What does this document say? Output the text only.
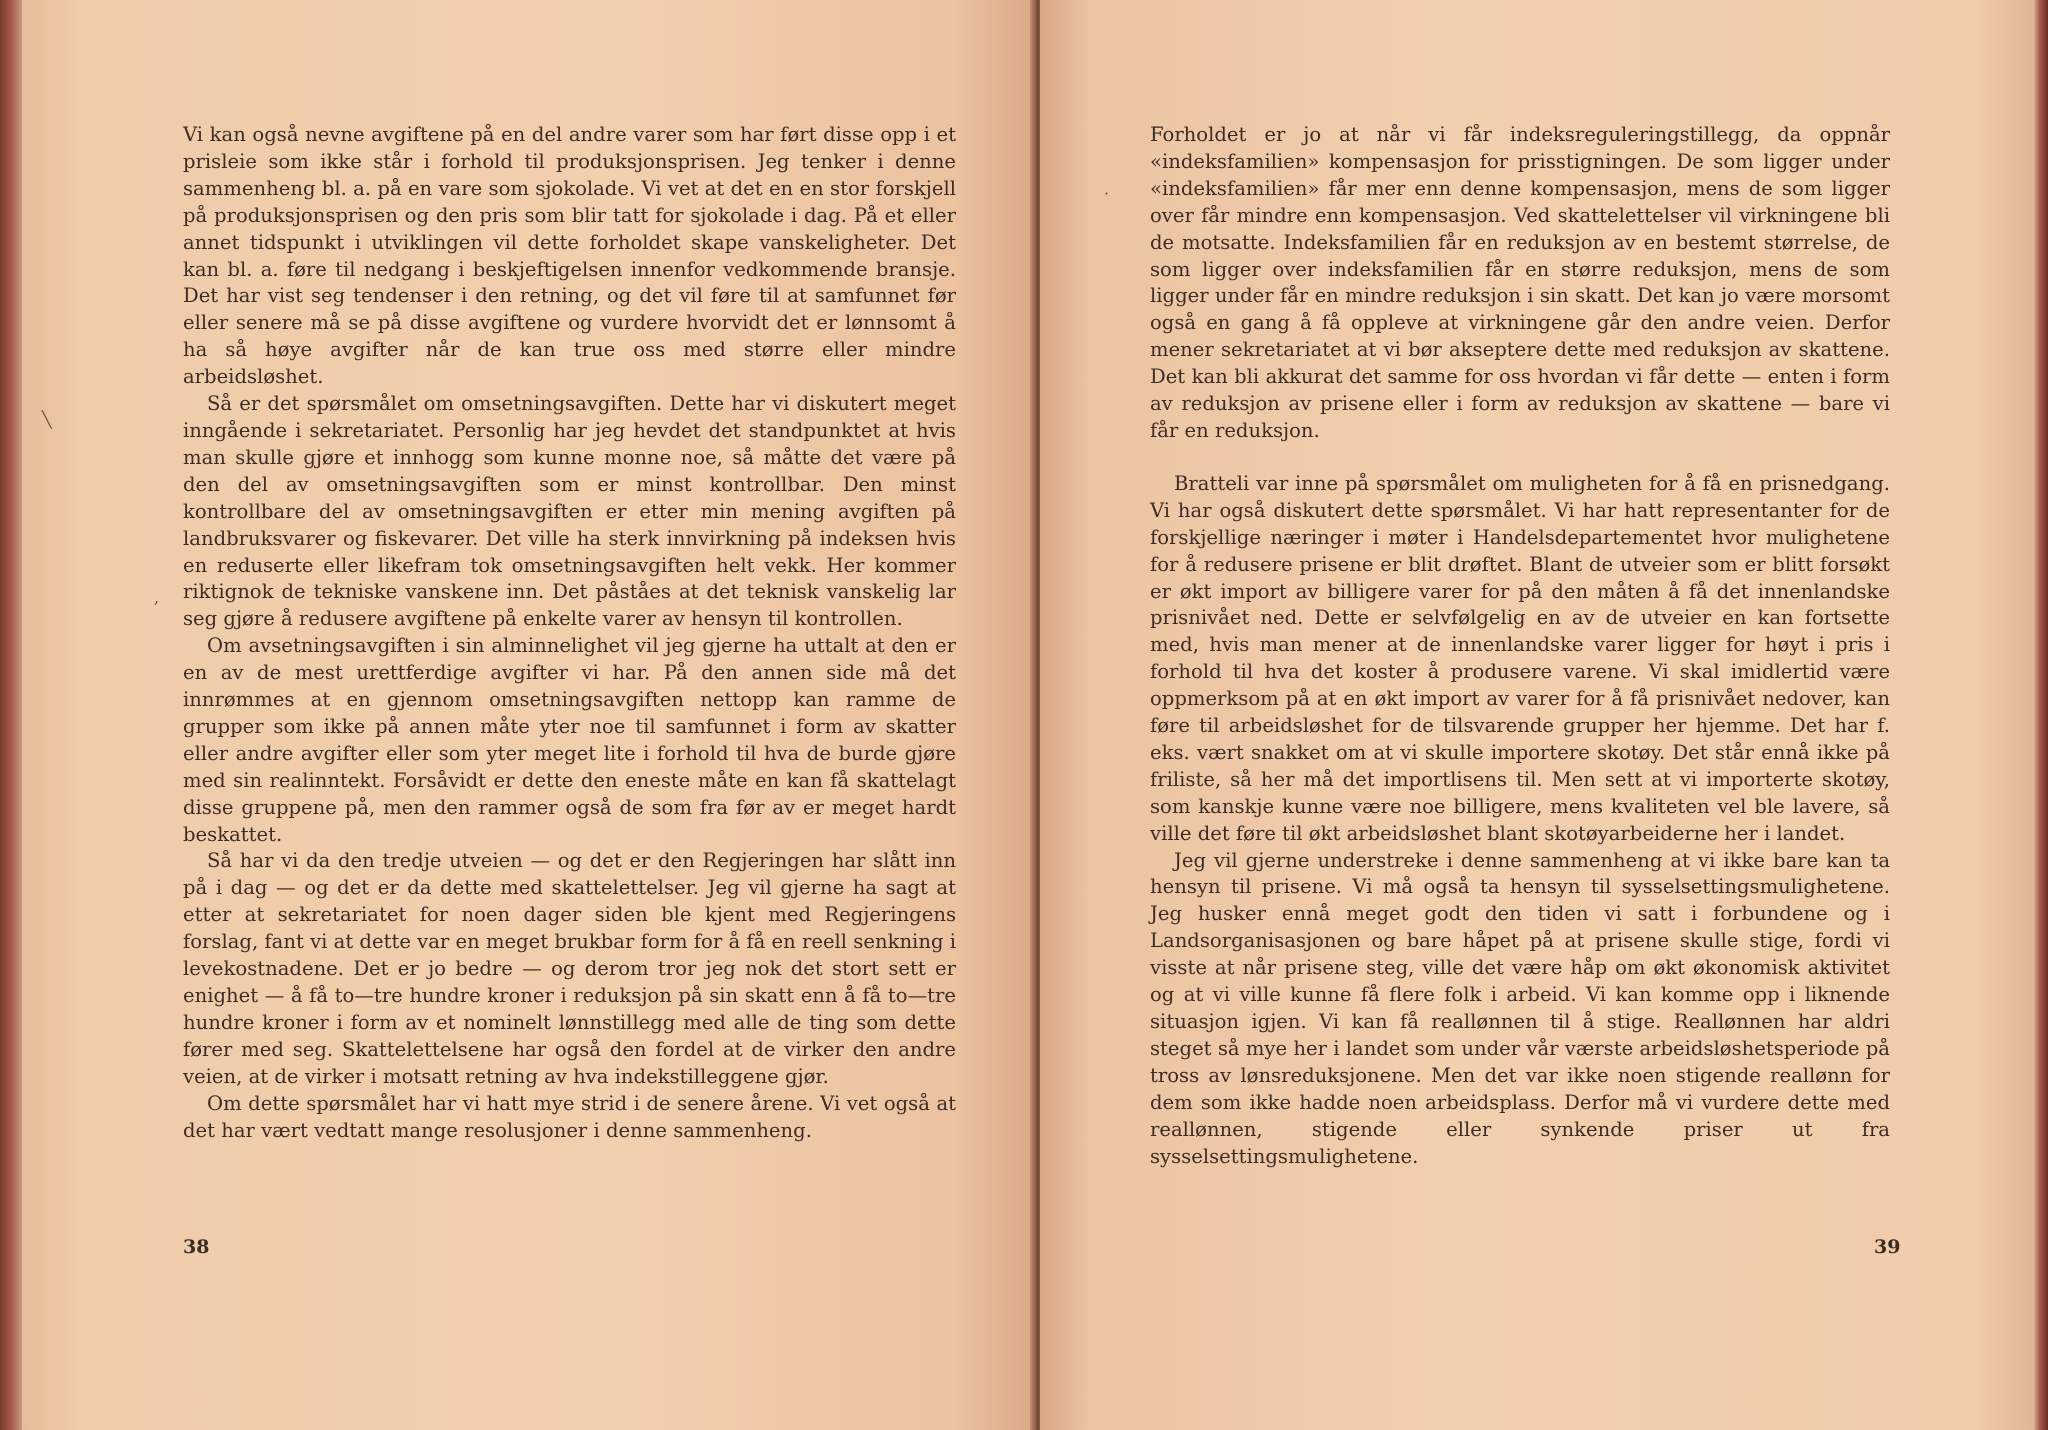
Vi kan også nevne avgiftene på en del andre varer som har ført disse opp i et prisleie som ikke står i forhold til produksjonsprisen. Jeg tenker i denne sammenheng bl. a. på en vare som sjokolade. Vi vet at det en en stor forskjell på produksjonsprisen og den pris som blir tatt for sjokolade i dag. På et eller annet tidspunkt i utviklingen vil dette forholdet skape vanskeligheter. Det kan bl. a. føre til nedgang i beskjeftigelsen innenfor vedkommende bransje. Det har vist seg tendenser i den retning, og det vil føre til at samfunnet før eller senere må se på disse avgiftene og vurdere hvorvidt det er lønnsomt å ha så høye avgifter når de kan true oss med større eller mindre arbeidsløshet.

Så er det spørsmålet om omsetningsavgiften. Dette har vi diskutert meget inngående i sekretariatet. Personlig har jeg hevdet det standpunktet at hvis man skulle gjøre et innhogg som kunne monne noe, så måtte det være på den del av omsetningsavgiften som er minst kontrollbar. Den minst kontrollbare del av omsetningsavgiften er etter min mening avgiften på landbruksvarer og fiskevarer. Det ville ha sterk innvirkning på indeksen hvis en reduserte eller likefram tok omsetningsavgiften helt vekk. Her kommer riktignok de tekniske vanskene inn. Det påståes at det teknisk vanskelig lar seg gjøre å redusere avgiftene på enkelte varer av hensyn til kontrollen.

Om avsetningsavgiften i sin alminnelighet vil jeg gjerne ha uttalt at den er en av de mest urettferdige avgifter vi har. På den annen side må det innrømmes at en gjennom omsetningsavgiften nettopp kan ramme de grupper som ikke på annen måte yter noe til samfunnet i form av skatter eller andre avgifter eller som yter meget lite i forhold til hva de burde gjøre med sin realinntekt. Forsåvidt er dette den eneste måte en kan få skattelagt disse gruppene på, men den rammer også de som fra før av er meget hardt beskattet.

Så har vi da den tredje utveien — og det er den Regjeringen har slått inn på i dag — og det er da dette med skattelettelser. Jeg vil gjerne ha sagt at etter at sekretariatet for noen dager siden ble kjent med Regjeringens forslag, fant vi at dette var en meget brukbar form for å få en reell senkning i levekostnadene. Det er jo bedre — og derom tror jeg nok det stort sett er enighet — å få to—tre hundre kroner i reduksjon på sin skatt enn å få to—tre hundre kroner i form av et nominelt lønnstillegg med alle de ting som dette fører med seg. Skattelettelsene har også den fordel at de virker den andre veien, at de virker i motsatt retning av hva indekstilleggene gjør.

Om dette spørsmålet har vi hatt mye strid i de senere årene. Vi vet også at det har vært vedtatt mange resolusjoner i denne sammenheng.

38
╲
,

Forholdet er jo at når vi får indeksreguleringstillegg, da oppnår «indeksfamilien» kompensasjon for prisstigningen. De som ligger under «indeksfamilien» får mer enn denne kompensasjon, mens de som ligger over får mindre enn kompensasjon. Ved skattelettelser vil virkningene bli de motsatte. Indeksfamilien får en reduksjon av en bestemt størrelse, de som ligger over indeksfamilien får en større reduksjon, mens de som ligger under får en mindre reduksjon i sin skatt. Det kan jo være morsomt også en gang å få oppleve at virkningene går den andre veien. Derfor mener sekretariatet at vi bør akseptere dette med reduksjon av skattene. Det kan bli akkurat det samme for oss hvordan vi får dette — enten i form av reduksjon av prisene eller i form av reduksjon av skattene — bare vi får en reduksjon.

Bratteli var inne på spørsmålet om muligheten for å få en prisnedgang. Vi har også diskutert dette spørsmålet. Vi har hatt representanter for de forskjellige næringer i møter i Handelsdepartementet hvor mulighetene for å redusere prisene er blit drøftet. Blant de utveier som er blitt forsøkt er økt import av billigere varer for på den måten å få det innenlandske prisnivået ned. Dette er selvfølgelig en av de utveier en kan fortsette med, hvis man mener at de innenlandske varer ligger for høyt i pris i forhold til hva det koster å produsere varene. Vi skal imidlertid være oppmerksom på at en økt import av varer for å få prisnivået nedover, kan føre til arbeidsløshet for de tilsvarende grupper her hjemme. Det har f. eks. vært snakket om at vi skulle importere skotøy. Det står ennå ikke på friliste, så her må det importlisens til. Men sett at vi importerte skotøy, som kanskje kunne være noe billigere, mens kvaliteten vel ble lavere, så ville det føre til økt arbeidsløshet blant skotøyarbeiderne her i landet.

Jeg vil gjerne understreke i denne sammenheng at vi ikke bare kan ta hensyn til prisene. Vi må også ta hensyn til sysselsettingsmulighetene. Jeg husker ennå meget godt den tiden vi satt i forbundene og i Landsorganisasjonen og bare håpet på at prisene skulle stige, fordi vi visste at når prisene steg, ville det være håp om økt økonomisk aktivitet og at vi ville kunne få flere folk i arbeid. Vi kan komme opp i liknende situasjon igjen. Vi kan få reallønnen til å stige. Reallønnen har aldri steget så mye her i landet som under vår værste arbeidsløshetsperiode på tross av lønsreduksjonene. Men det var ikke noen stigende reallønn for dem som ikke hadde noen arbeidsplass. Derfor må vi vurdere dette med reallønnen, stigende eller synkende priser ut fra sysselsettingsmulighetene.

39
·
